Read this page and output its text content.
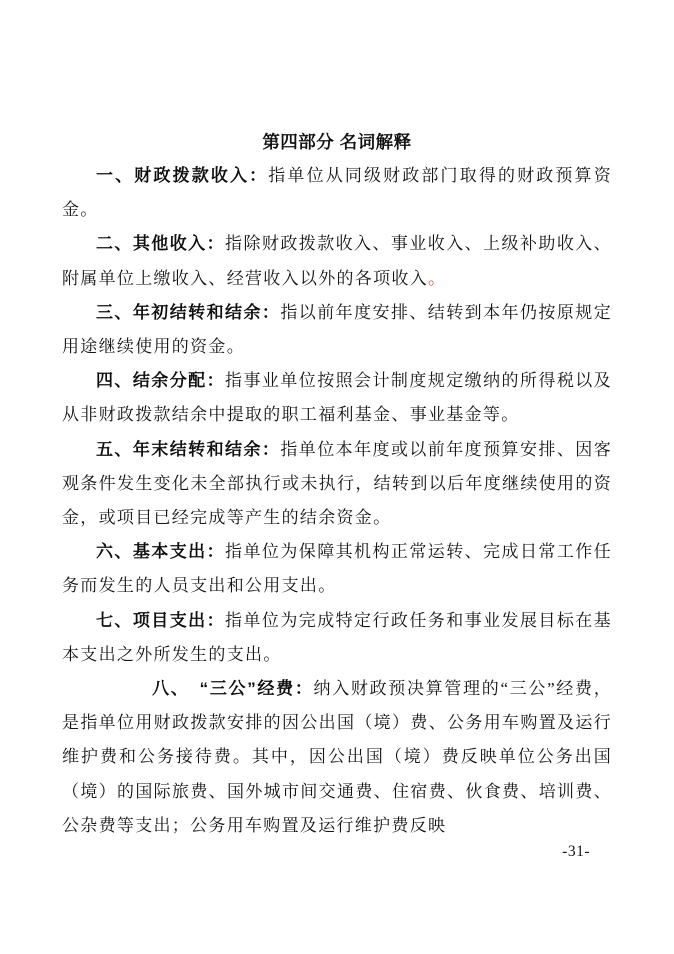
第四部分 名词解释

一、财政拨款收入：指单位从同级财政部门取得的财政预算资金。

二、其他收入：指除财政拨款收入、事业收入、上级补助收入、附属单位上缴收入、经营收入以外的各项收入。

三、年初结转和结余：指以前年度安排、结转到本年仍按原规定用途继续使用的资金。

四、结余分配：指事业单位按照会计制度规定缴纳的所得税以及从非财政拨款结余中提取的职工福利基金、事业基金等。

五、年末结转和结余：指单位本年度或以前年度预算安排、因客观条件发生变化未全部执行或未执行，结转到以后年度继续使用的资金，或项目已经完成等产生的结余资金。

六、基本支出：指单位为保障其机构正常运转、完成日常工作任务而发生的人员支出和公用支出。

七、项目支出：指单位为完成特定行政任务和事业发展目标在基本支出之外所发生的支出。

　　　八、　“三公”经费：纳入财政预决算管理的“三公”经费，是指单位用财政拨款安排的因公出国（境）费、公务用车购置及运行维护费和公务接待费。其中，因公出国（境）费反映单位公务出国（境）的国际旅费、国外城市间交通费、住宿费、伙食费、培训费、公杂费等支出；公务用车购置及运行维护费反映

-31-
